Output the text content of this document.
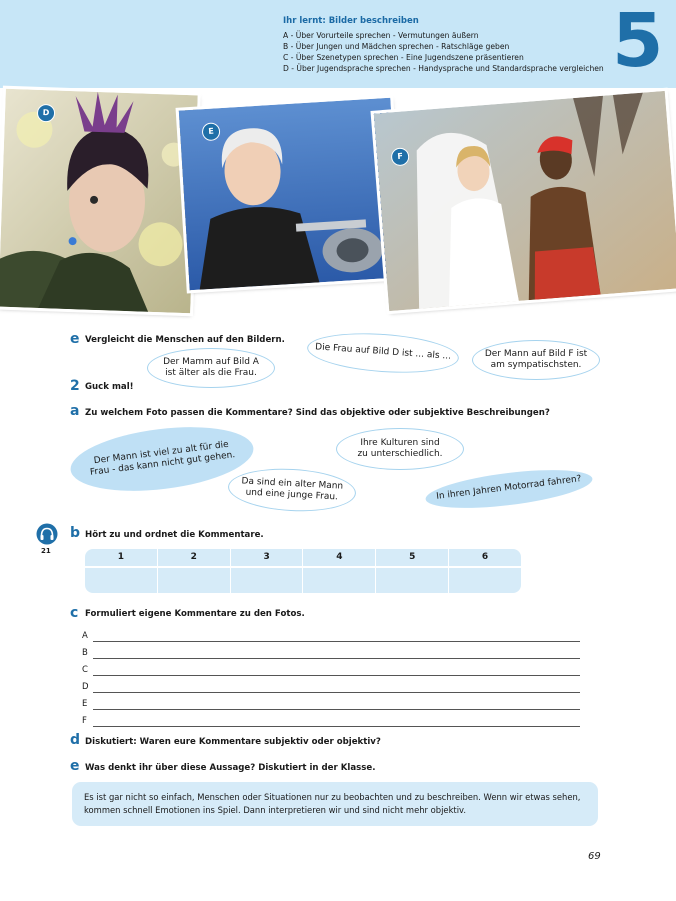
Ihr lernt: Bilder beschreiben
A - Über Vorurteile sprechen - Vermutungen äußern
B - Über Jungen und Mädchen sprechen - Ratschläge geben
C - Über Szenetypen sprechen - Eine Jugendszene präsentieren
D - Über Jugendsprache sprechen - Handysprache und Standardsprache vergleichen 5
D
E
F
e Vergleicht die Menschen auf den Bildern.
Der Mamm auf Bild A ist älter als die Frau.
Die Frau auf Bild D ist ... als ...	Der Mann auf Bild F ist am sympatischsten.
2 Guck mal!
a Zu welchem Foto passen die Kommentare? Sind das objektive oder subjektive Beschreibungen?
Der Mann ist viel zu alt für die Frau - das kann nicht gut gehen.
Ihre Kulturen sind zu unterschiedlich.
Da sind ein alter Mann und eine junge Frau.	In ihren Jahren Motorrad fahren?
21
b Hört zu und ordnet die Kommentare.
1	2	3	4	5	6
c Formuliert eigene Kommentare zu den Fotos.
A
B
C
D
E
F
d Diskutiert: Waren eure Kommentare subjektiv oder objektiv?
e Was denkt ihr über diese Aussage? Diskutiert in der Klasse.
Es ist gar nicht so einfach, Menschen oder Situationen nur zu beobachten und zu beschreiben. Wenn wir etwas sehen,
kommen schnell Emotionen ins Spiel. Dann interpretieren wir und sind nicht mehr objektiv.
69
